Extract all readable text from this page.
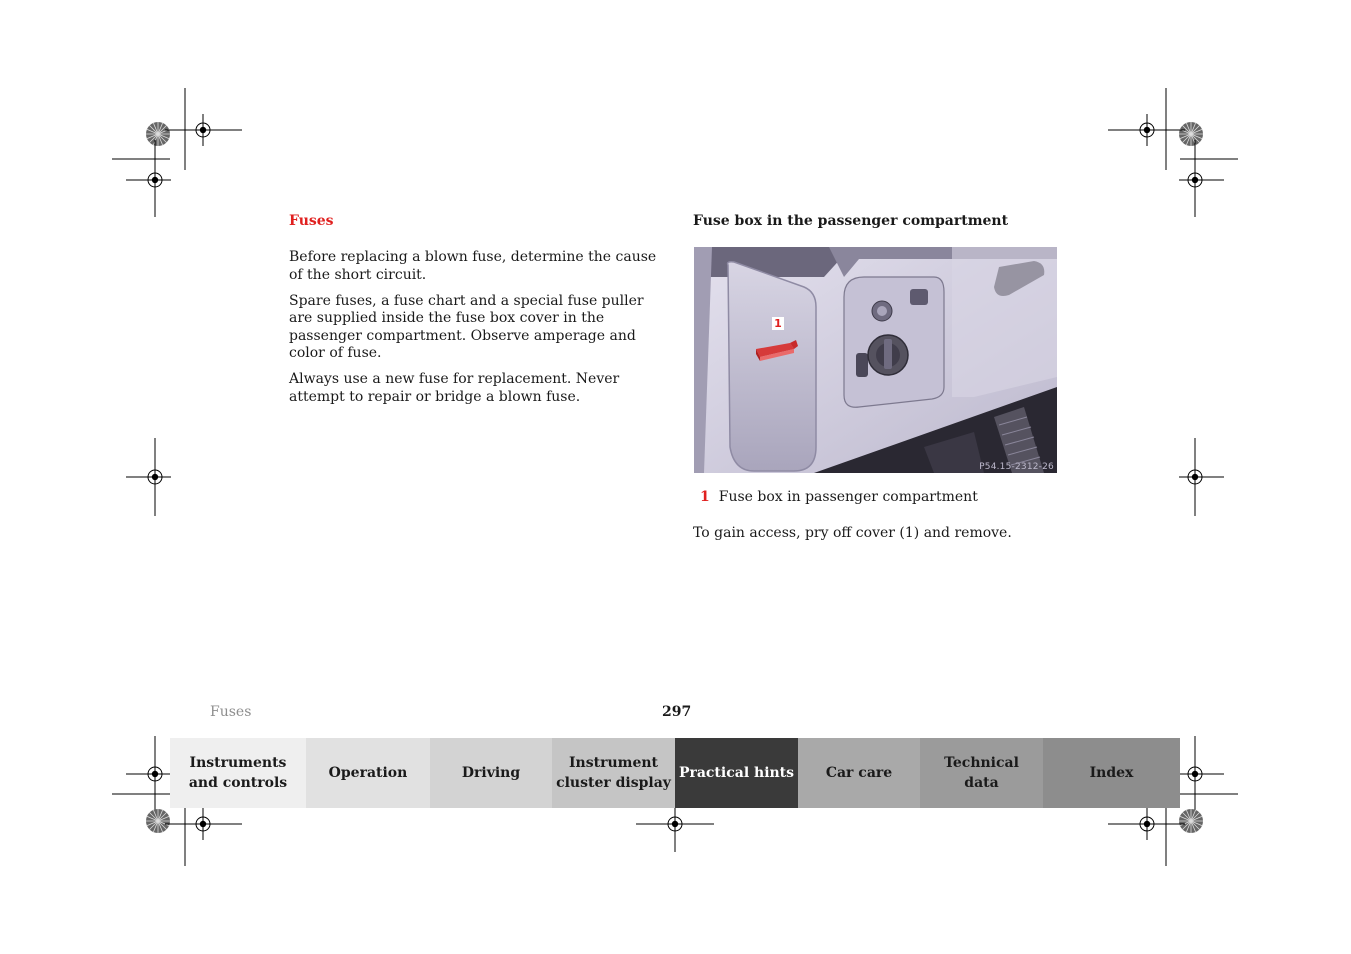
Fuses

Before replacing a blown fuse, determine the cause of the short circuit.

Spare fuses, a fuse chart and a special fuse puller are supplied inside the fuse box cover in the passenger compartment. Observe amperage and color of fuse.

Always use a new fuse for replacement. Never attempt to repair or bridge a blown fuse.

Fuse box in the passenger compartment
1
P54.15-2312-26
1 Fuse box in passenger compartment
To gain access, pry off cover (1) and remove.
Fuses	297
Instruments
and controls
Operation	Driving
Instrument
cluster display
Practical hints Car care
Technical
data
Index
